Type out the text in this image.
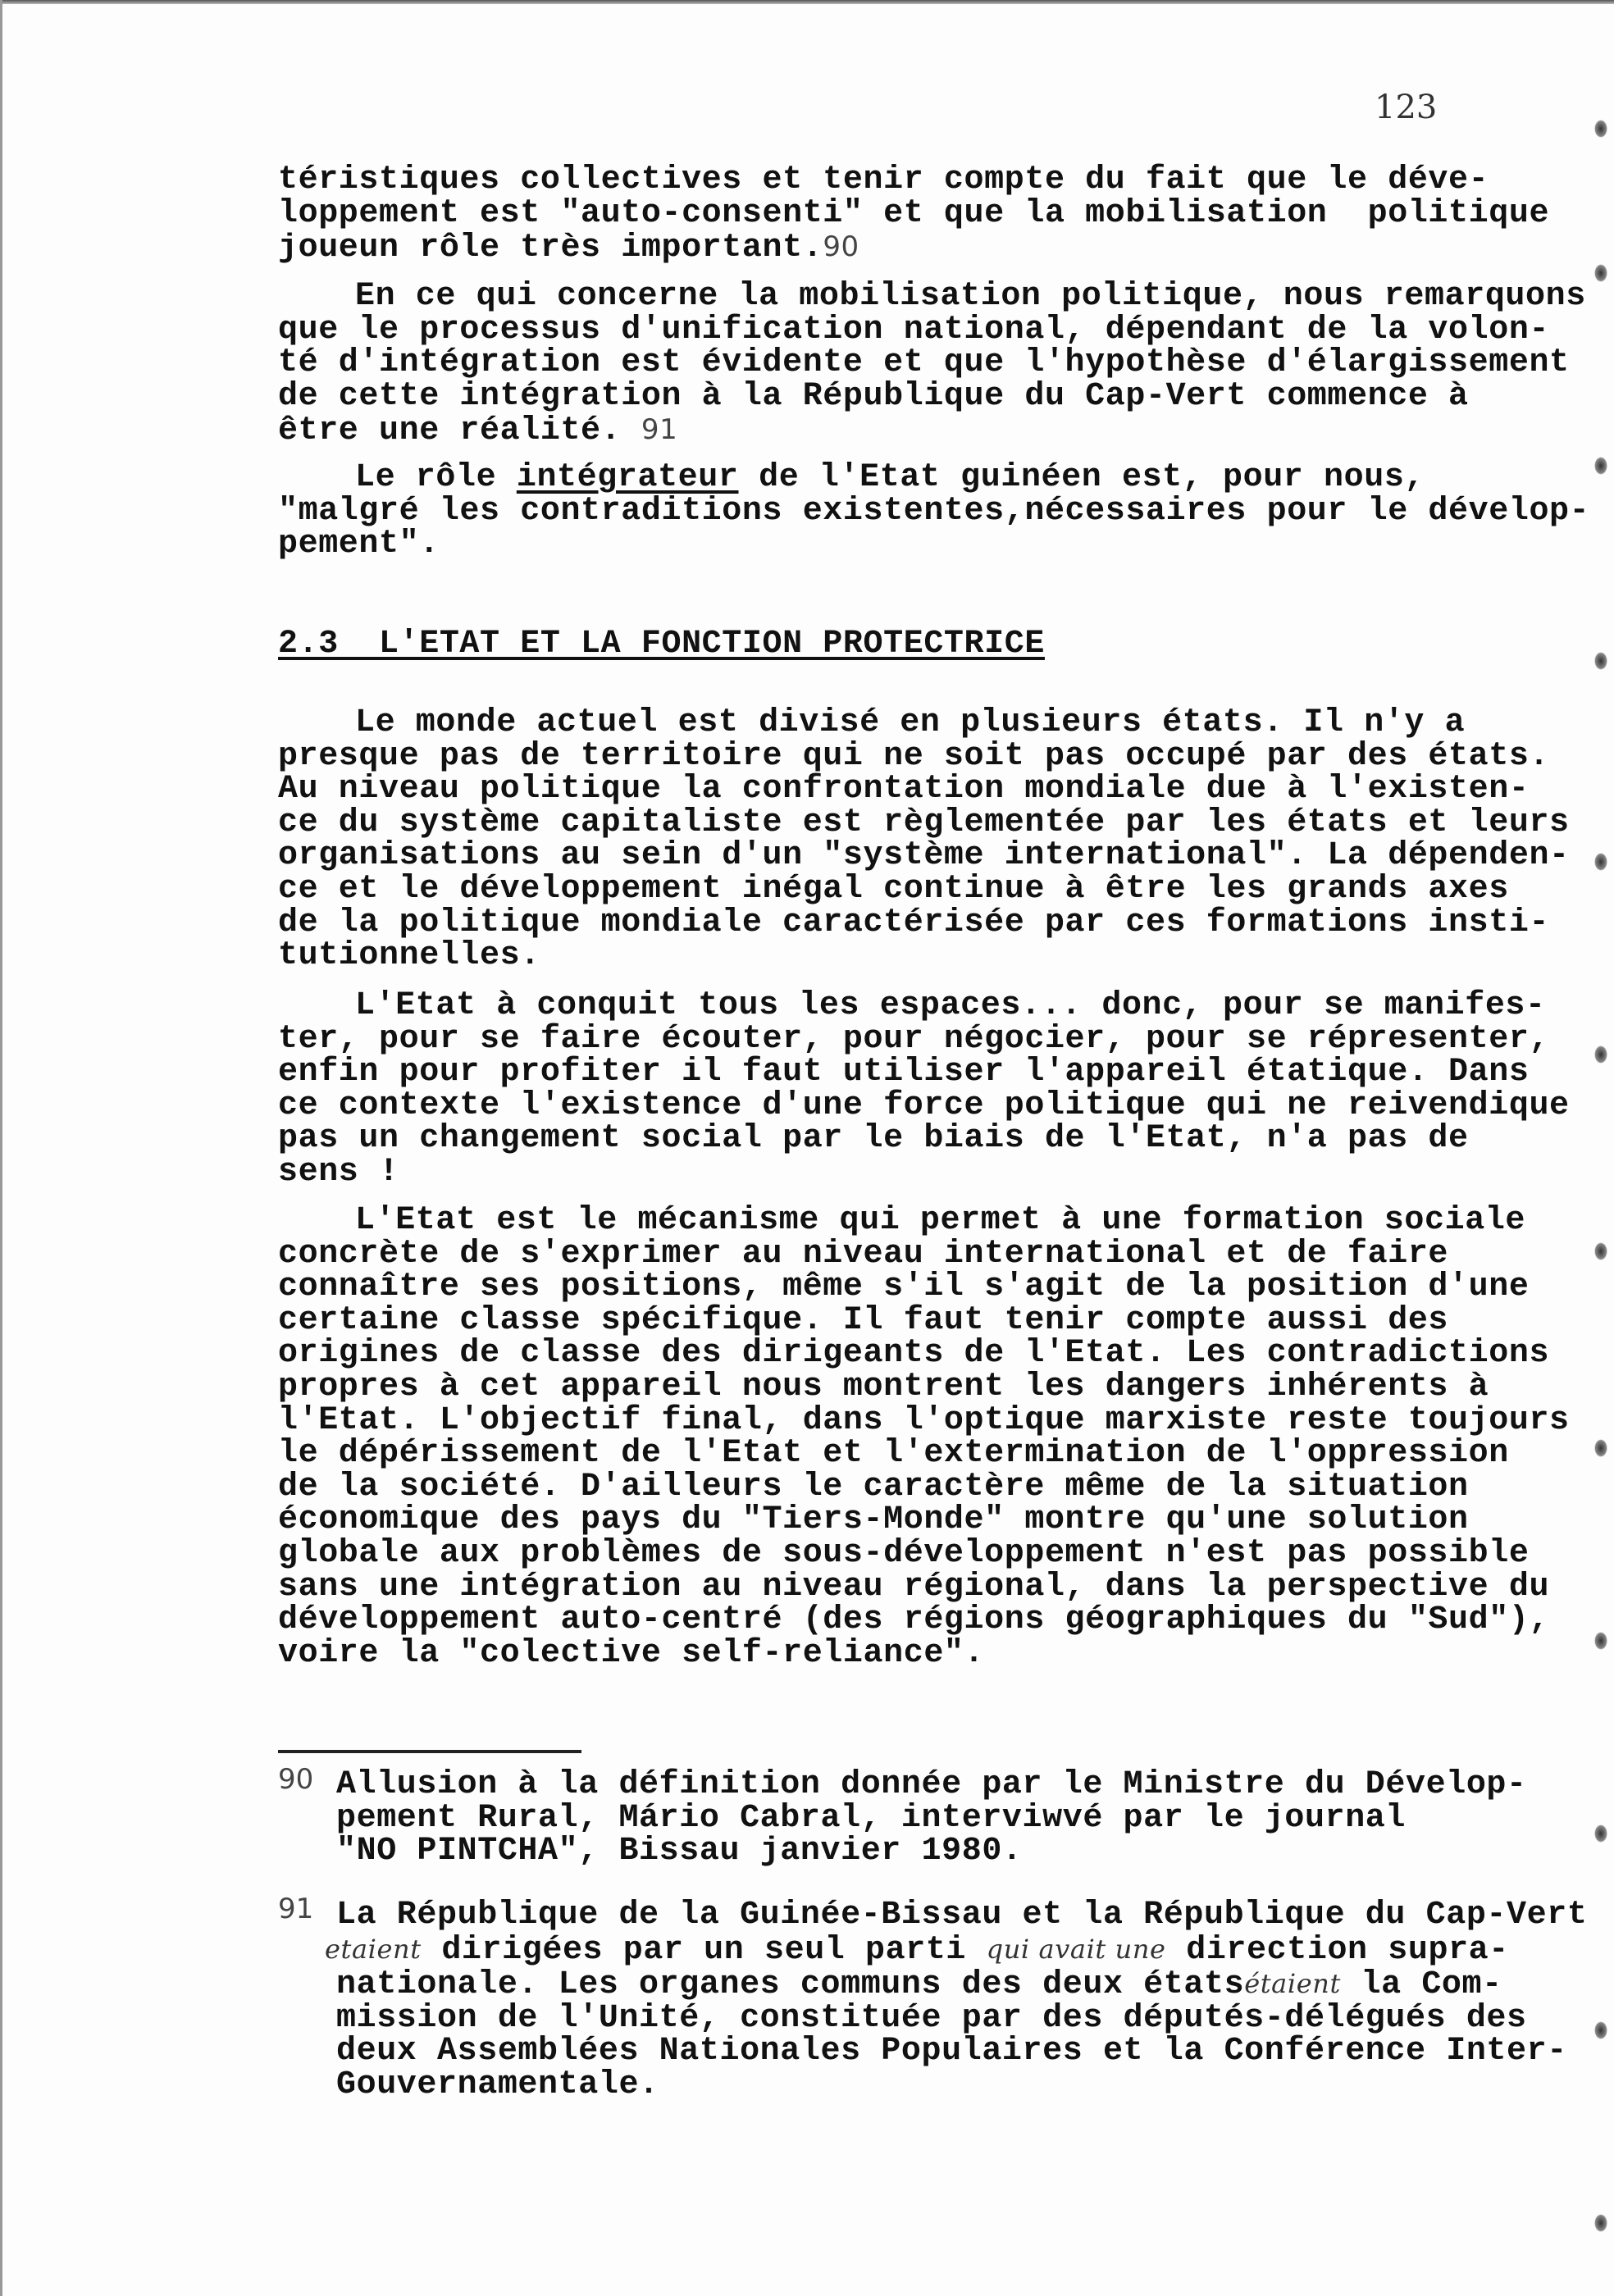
123
téristiques collectives et tenir compte du fait que le déve-
loppement est "auto-consenti" et que la mobilisation  politique
joueun rôle très important.90
En ce qui concerne la mobilisation politique, nous remarquons
que le processus d'unification national, dépendant de la volon-
té d'intégration est évidente et que l'hypothèse d'élargissement
de cette intégration à la République du Cap-Vert commence à
être une réalité. 91
Le rôle intégrateur de l'Etat guinéen est, pour nous,
"malgré les contraditions existentes,nécessaires pour le dévelop-
pement".
2.3  L'ETAT ET LA FONCTION PROTECTRICE
Le monde actuel est divisé en plusieurs états. Il n'y a
presque pas de territoire qui ne soit pas occupé par des états.
Au niveau politique la confrontation mondiale due à l'existen-
ce du système capitaliste est règlementée par les états et leurs
organisations au sein d'un "système international". La dépenden-
ce et le développement inégal continue à être les grands axes
de la politique mondiale caractérisée par ces formations insti-
tutionnelles.
L'Etat à conquit tous les espaces... donc, pour se manifes-
ter, pour se faire écouter, pour négocier, pour se répresenter,
enfin pour profiter il faut utiliser l'appareil étatique. Dans
ce contexte l'existence d'une force politique qui ne reivendique
pas un changement social par le biais de l'Etat, n'a pas de
sens !
L'Etat est le mécanisme qui permet à une formation sociale
concrète de s'exprimer au niveau international et de faire
connaître ses positions, même s'il s'agit de la position d'une
certaine classe spécifique. Il faut tenir compte aussi des
origines de classe des dirigeants de l'Etat. Les contradictions
propres à cet appareil nous montrent les dangers inhérents à
l'Etat. L'objectif final, dans l'optique marxiste reste toujours
le dépérissement de l'Etat et l'extermination de l'oppression
de la société. D'ailleurs le caractère même de la situation
économique des pays du "Tiers-Monde" montre qu'une solution
globale aux problèmes de sous-développement n'est pas possible
sans une intégration au niveau régional, dans la perspective du
développement auto-centré (des régions géographiques du "Sud"),
voire la "colective self-reliance".
90 Allusion à la définition donnée par le Ministre du Dévelop-
pement Rural, Mário Cabral, interviwvé par le journal
"NO PINTCHA", Bissau janvier 1980.
91 La République de la Guinée-Bissau et la République du Cap-Vert
etaient dirigées par un seul parti qui avait une direction supra-
nationale. Les organes communs des deux étatsétaient la Com-
mission de l'Unité, constituée par des députés-délégués des
deux Assemblées Nationales Populaires et la Conférence Inter-
Gouvernamentale.
